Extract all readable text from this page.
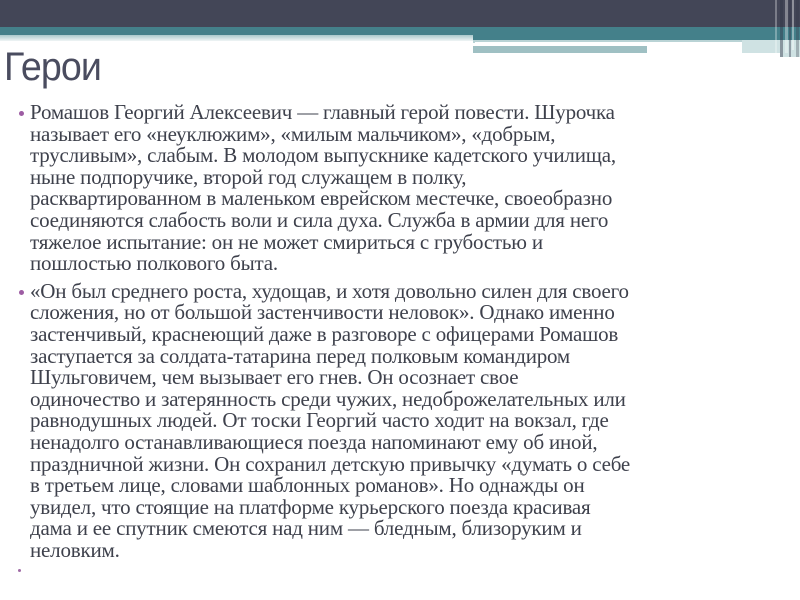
Герои
Ромашов Георгий Алексеевич — главный герой повести. Шурочка
называет его «неуклюжим», «милым мальчиком», «добрым,
трусливым», слабым. В молодом выпускнике кадетского училища,
ныне подпоручике, второй год служащем в полку,
расквартированном в маленьком еврейском местечке, своеобразно
соединяются слабость воли и сила духа. Служба в армии для него
тяжелое испытание: он не может смириться с грубостью и
пошлостью полкового быта.
«Он был среднего роста, худощав, и хотя довольно силен для своего
сложения, но от большой застенчивости неловок». Однако именно
застенчивый, краснеющий даже в разговоре с офицерами Ромашов
заступается за солдата-татарина перед полковым командиром
Шульговичем, чем вызывает его гнев. Он осознает свое
одиночество и затерянность среди чужих, недоброжелательных или
равнодушных людей. От тоски Георгий часто ходит на вокзал, где
ненадолго останавливающиеся поезда напоминают ему об иной,
праздничной жизни. Он сохранил детскую привычку «думать о себе
в третьем лице, словами шаблонных романов». Но однажды он
увидел, что стоящие на платформе курьерского поезда красивая
дама и ее спутник смеются над ним — бледным, близоруким и
неловким.
